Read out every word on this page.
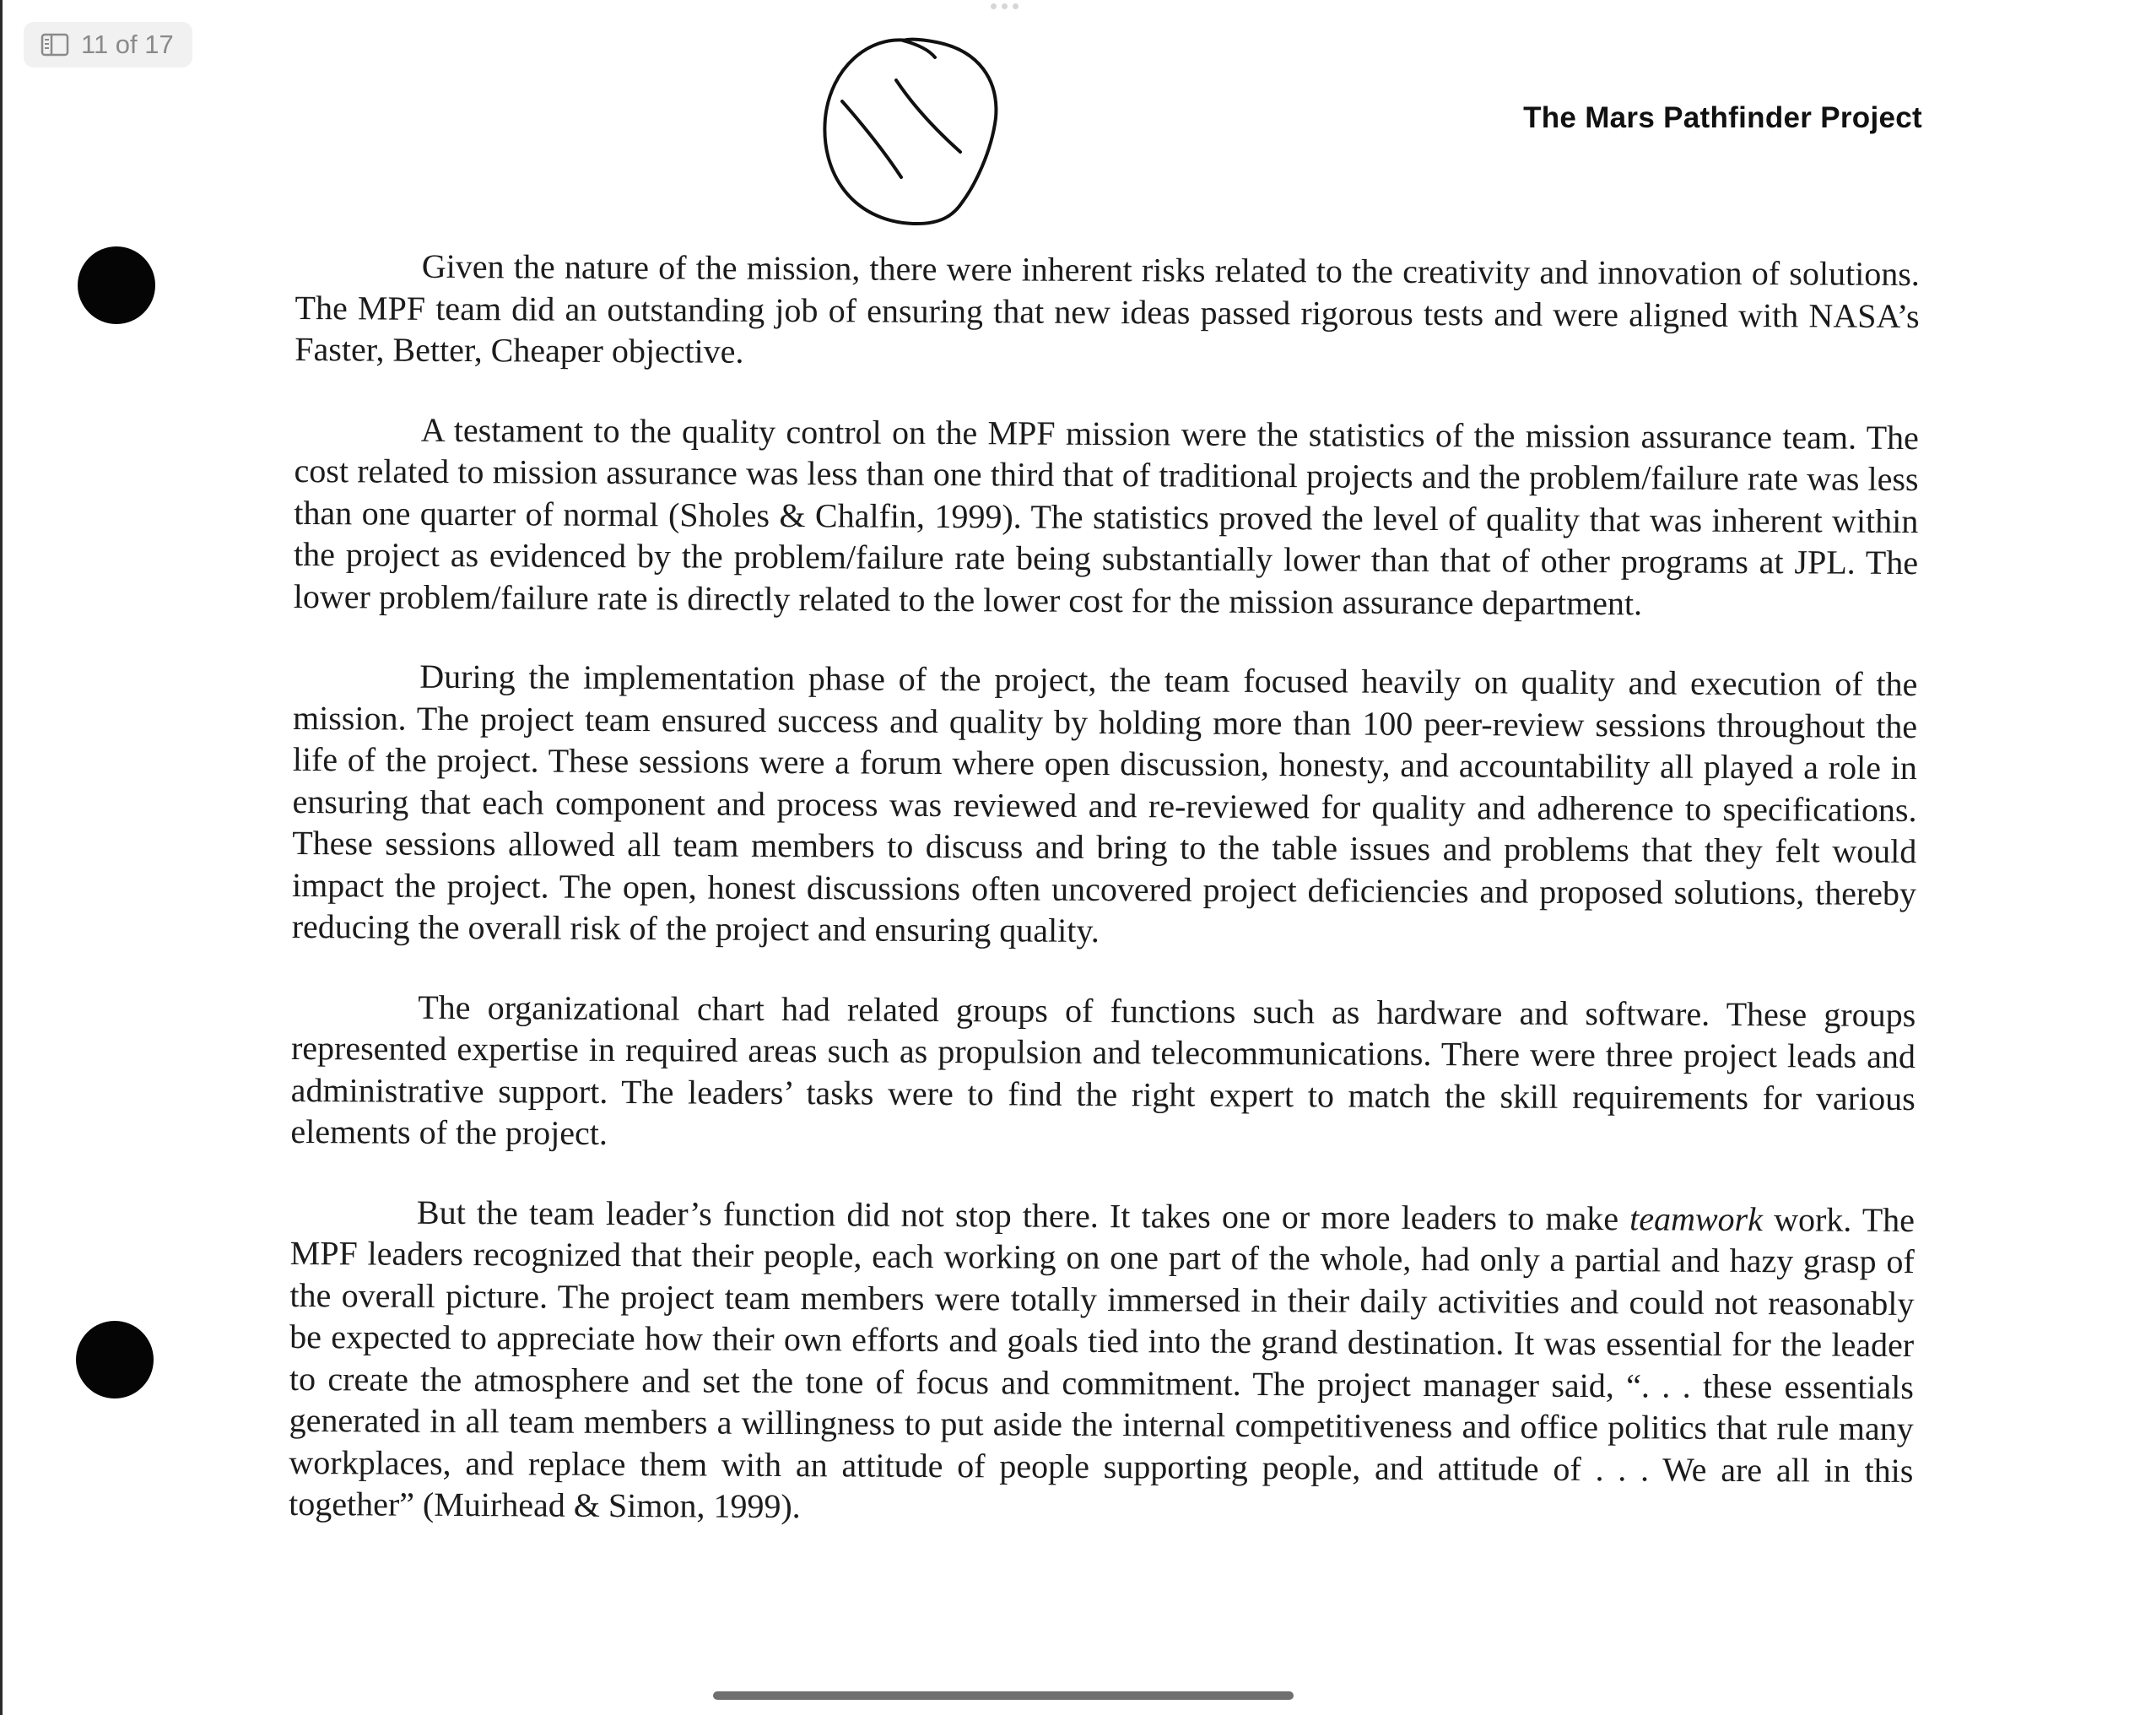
11 of 17
The Mars Pathfinder Project

Given the nature of the mission, there were inherent risks related to the creativity and innovation of solutions. The MPF team did an outstanding job of ensuring that new ideas passed rigorous tests and were aligned with NASA’s Faster, Better, Cheaper objective.

A testament to the quality control on the MPF mission were the statistics of the mission assurance team. The cost related to mission assurance was less than one third that of traditional projects and the problem/failure rate was less than one quarter of normal (Sholes & Chalfin, 1999). The statistics proved the level of quality that was inherent within the project as evidenced by the problem/failure rate being substantially lower than that of other programs at JPL. The lower problem/failure rate is directly related to the lower cost for the mission assurance department.

During the implementation phase of the project, the team focused heavily on quality and execution of the mission. The project team ensured success and quality by holding more than 100 peer-review sessions throughout the life of the project. These sessions were a forum where open discussion, honesty, and accountability all played a role in ensuring that each component and process was reviewed and re-reviewed for quality and adherence to specifications. These sessions allowed all team members to discuss and bring to the table issues and problems that they felt would impact the project. The open, honest discussions often uncovered project deficiencies and proposed solutions, thereby reducing the overall risk of the project and ensuring quality.

The organizational chart had related groups of functions such as hardware and software. These groups represented expertise in required areas such as propulsion and telecommunications. There were three project leads and administrative support. The leaders’ tasks were to find the right expert to match the skill requirements for various elements of the project.

But the team leader’s function did not stop there. It takes one or more leaders to make teamwork work. The MPF leaders recognized that their people, each working on one part of the whole, had only a partial and hazy grasp of the overall picture. The project team members were totally immersed in their daily activities and could not reasonably be expected to appreciate how their own efforts and goals tied into the grand destination. It was essential for the leader to create the atmosphere and set the tone of focus and commitment. The project manager said, “. . . these essentials generated in all team members a willingness to put aside the internal competitiveness and office politics that rule many workplaces, and replace them with an attitude of people supporting people, and attitude of . . . We are all in this together” (Muirhead & Simon, 1999).
